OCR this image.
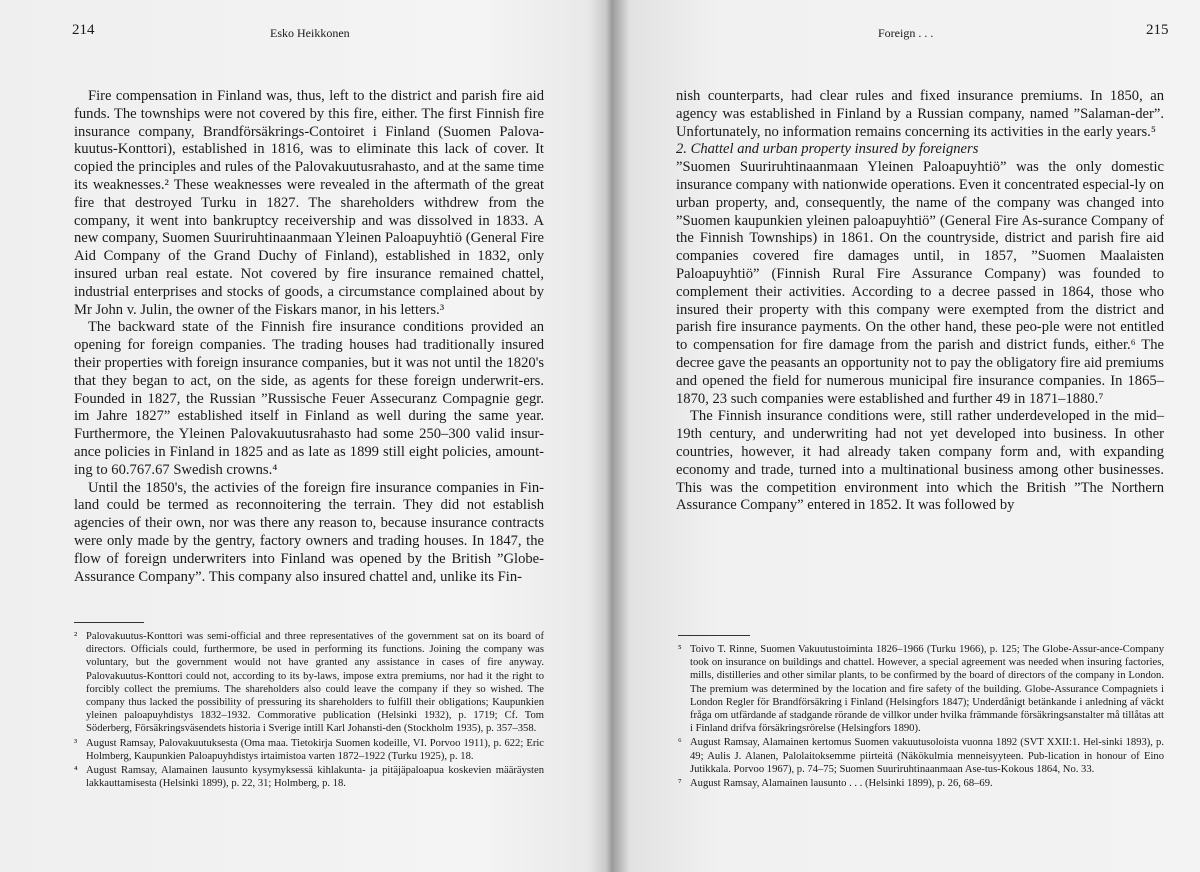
214	Esko Heikkonen

Fire compensation in Finland was, thus, left to the district and parish fire aid funds. The townships were not covered by this fire, either. The first Finnish fire insurance company, Brandförsäkrings-Contoiret i Finland (Suomen Palova-kuutus-Konttori), established in 1816, was to eliminate this lack of cover. It copied the principles and rules of the Palovakuutusrahasto, and at the same time its weaknesses.² These weaknesses were revealed in the aftermath of the great fire that destroyed Turku in 1827. The shareholders withdrew from the company, it went into bankruptcy receivership and was dissolved in 1833. A new company, Suomen Suuriruhtinaanmaan Yleinen Paloapuyhtiö (General Fire Aid Company of the Grand Duchy of Finland), established in 1832, only insured urban real estate. Not covered by fire insurance remained chattel, industrial enterprises and stocks of goods, a circumstance complained about by Mr John v. Julin, the owner of the Fiskars manor, in his letters.³

The backward state of the Finnish fire insurance conditions provided an opening for foreign companies. The trading houses had traditionally insured their properties with foreign insurance companies, but it was not until the 1820's that they began to act, on the side, as agents for these foreign underwrit-ers. Founded in 1827, the Russian ”Russische Feuer Assecuranz Compagnie gegr. im Jahre 1827” established itself in Finland as well during the same year. Furthermore, the Yleinen Palovakuutusrahasto had some 250–300 valid insur-ance policies in Finland in 1825 and as late as 1899 still eight policies, amount-ing to 60.767.67 Swedish crowns.⁴

Until the 1850's, the activies of the foreign fire insurance companies in Fin-land could be termed as reconnoitering the terrain. They did not establish agencies of their own, nor was there any reason to, because insurance contracts were only made by the gentry, factory owners and trading houses. In 1847, the flow of foreign underwriters into Finland was opened by the British ”Globe-Assurance Company”. This company also insured chattel and, unlike its Fin-

² Palovakuutus-Konttori was semi-official and three representatives of the government sat on its board of directors. Officials could, furthermore, be used in performing its functions. Joining the company was voluntary, but the government would not have granted any assistance in cases of fire anyway. Palovakuutus-Konttori could not, according to its by-laws, impose extra premiums, nor had it the right to forcibly collect the premiums. The shareholders also could leave the company if they so wished. The company thus lacked the possibility of pressuring its shareholders to fulfill their obligations; Kaupunkien yleinen paloapuyhdistys 1832–1932. Commorative publication (Helsinki 1932), p. 1719; Cf. Tom Söderberg, Försäkringsväsendets historia i Sverige intill Karl Johansti-den (Stockholm 1935), p. 357–358.

³ August Ramsay, Palovakuutuksesta (Oma maa. Tietokirja Suomen kodeille, VI. Porvoo 1911), p. 622; Eric Holmberg, Kaupunkien Paloapuyhdistys irtaimistoa varten 1872–1922 (Turku 1925), p. 18.

⁴ August Ramsay, Alamainen lausunto kysymyksessä kihlakunta- ja pitäjäpaloapua koskevien määräysten lakkauttamisesta (Helsinki 1899), p. 22, 31; Holmberg, p. 18.

Foreign . . .	215

nish counterparts, had clear rules and fixed insurance premiums. In 1850, an agency was established in Finland by a Russian company, named ”Salaman-der”. Unfortunately, no information remains concerning its activities in the early years.⁵

2. Chattel and urban property insured by foreigners

”Suomen Suuriruhtinaanmaan Yleinen Paloapuyhtiö” was the only domestic insurance company with nationwide operations. Even it concentrated especial-ly on urban property, and, consequently, the name of the company was changed into ”Suomen kaupunkien yleinen paloapuyhtiö” (General Fire As-surance Company of the Finnish Townships) in 1861. On the countryside, district and parish fire aid companies covered fire damages until, in 1857, ”Suomen Maalaisten Paloapuyhtiö” (Finnish Rural Fire Assurance Company) was founded to complement their activities. According to a decree passed in 1864, those who insured their property with this company were exempted from the district and parish fire insurance payments. On the other hand, these peo-ple were not entitled to compensation for fire damage from the parish and district funds, either.⁶ The decree gave the peasants an opportunity not to pay the obligatory fire aid premiums and opened the field for numerous municipal fire insurance companies. In 1865–1870, 23 such companies were established and further 49 in 1871–1880.⁷

The Finnish insurance conditions were, still rather underdeveloped in the mid–19th century, and underwriting had not yet developed into business. In other countries, however, it had already taken company form and, with expanding economy and trade, turned into a multinational business among other businesses. This was the competition environment into which the British ”The Northern Assurance Company” entered in 1852. It was followed by

⁵ Toivo T. Rinne, Suomen Vakuutustoiminta 1826–1966 (Turku 1966), p. 125; The Globe-Assur-ance-Company took on insurance on buildings and chattel. However, a special agreement was needed when insuring factories, mills, distilleries and other similar plants, to be confirmed by the board of directors of the company in London. The premium was determined by the location and fire safety of the building. Globe-Assurance Compagniets i London Regler för Brandförsäkring i Finland (Helsingfors 1847); Underdånigt betänkande i anledning af väckt fråga om utfärdande af stadgande rörande de villkor under hvilka främmande försäkringsanstalter må tillåtas att i Finland drifva försäkringsrörelse (Helsingfors 1890).

⁶ August Ramsay, Alamainen kertomus Suomen vakuutusoloista vuonna 1892 (SVT XXII:1. Hel-sinki 1893), p. 49; Aulis J. Alanen, Palolaitoksemme piirteitä (Näkökulmia menneisyyteen. Pub-lication in honour of Eino Jutikkala. Porvoo 1967), p. 74–75; Suomen Suuriruhtinaanmaan Ase-tus-Kokous 1864, No. 33.

⁷ August Ramsay, Alamainen lausunto . . . (Helsinki 1899), p. 26, 68–69.
